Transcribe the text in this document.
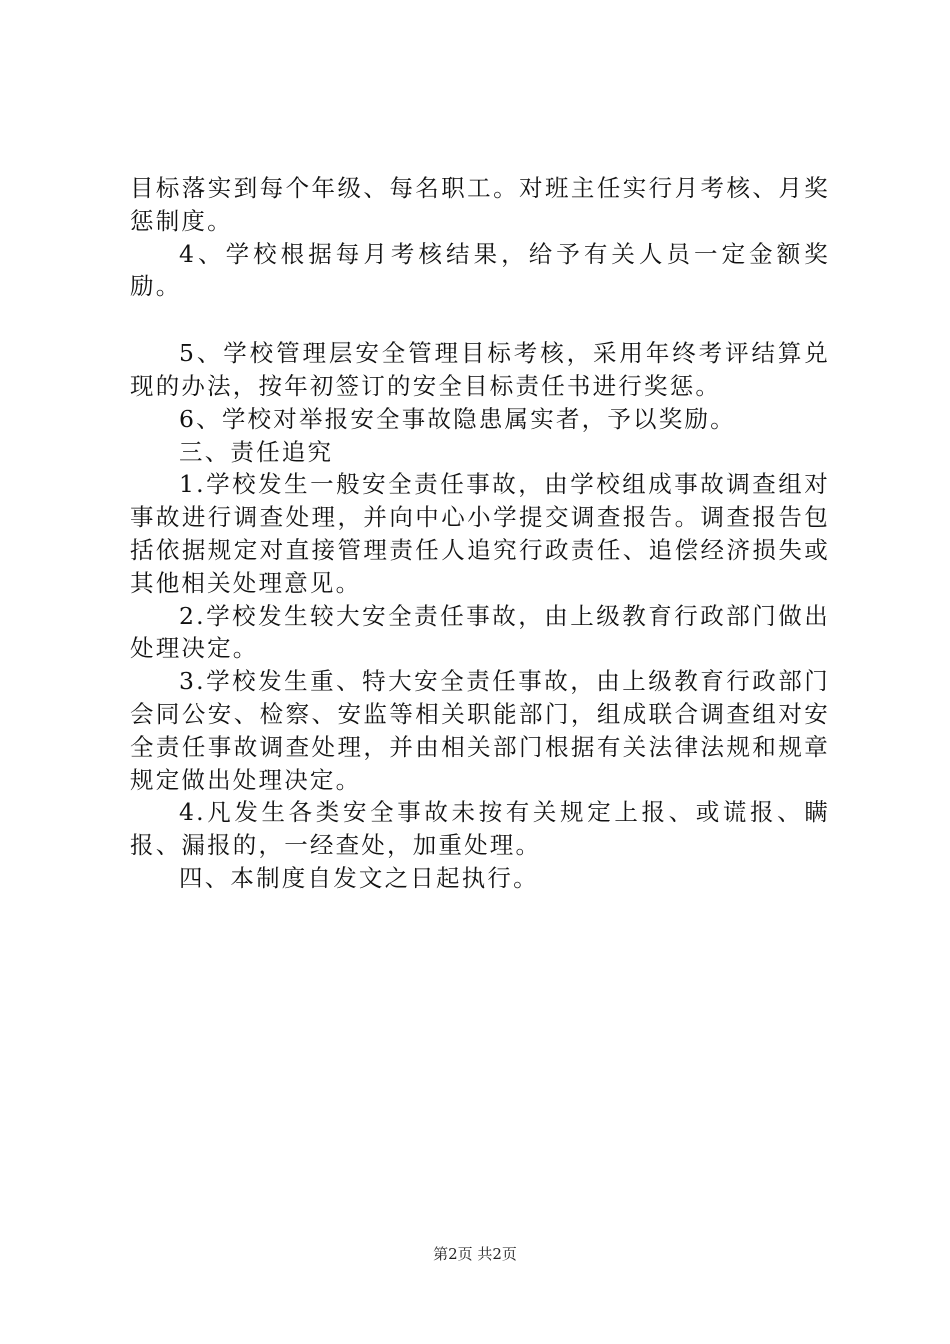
目标落实到每个年级、每名职工。对班主任实行月考核、月奖惩制度。

4、学校根据每月考核结果，给予有关人员一定金额奖励。

5、学校管理层安全管理目标考核，采用年终考评结算兑现的办法，按年初签订的安全目标责任书进行奖惩。

6、学校对举报安全事故隐患属实者，予以奖励。

三、责任追究

1.学校发生一般安全责任事故，由学校组成事故调查组对事故进行调查处理，并向中心小学提交调查报告。调查报告包括依据规定对直接管理责任人追究行政责任、追偿经济损失或其他相关处理意见。

2.学校发生较大安全责任事故，由上级教育行政部门做出处理决定。

3.学校发生重、特大安全责任事故，由上级教育行政部门会同公安、检察、安监等相关职能部门，组成联合调查组对安全责任事故调查处理，并由相关部门根据有关法律法规和规章规定做出处理决定。

4.凡发生各类安全事故未按有关规定上报、或谎报、瞒报、漏报的，一经查处，加重处理。

四、本制度自发文之日起执行。

第2页 共2页
